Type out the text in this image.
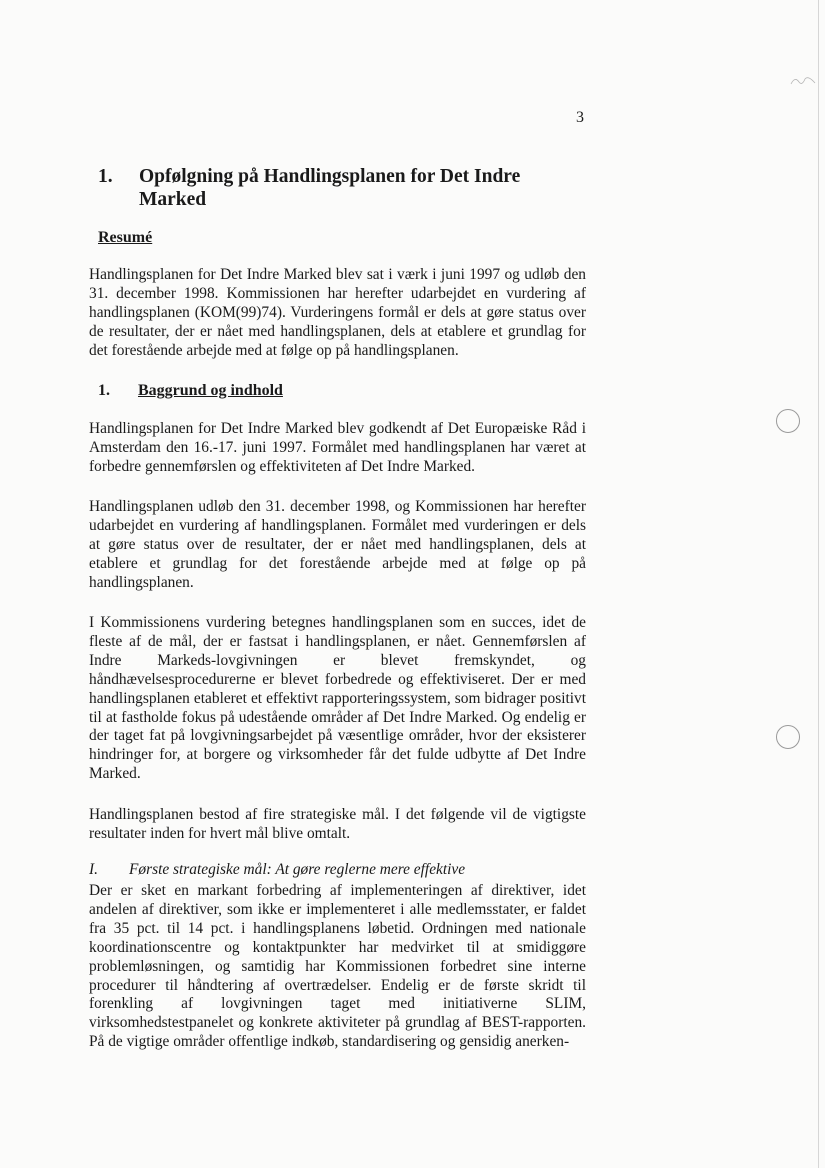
3
1. Opfølgning på Handlingsplanen for Det Indre Marked
Resumé

Handlingsplanen for Det Indre Marked blev sat i værk i juni 1997 og udløb den 31. december 1998. Kommissionen har herefter udarbejdet en vurdering af handlingsplanen (KOM(99)74). Vurderingens formål er dels at gøre status over de resultater, der er nået med handlingsplanen, dels at etablere et grundlag for det forestående arbejde med at følge op på handlingsplanen.

1. Baggrund og indhold

Handlingsplanen for Det Indre Marked blev godkendt af Det Europæiske Råd i Amsterdam den 16.-17. juni 1997. Formålet med handlingsplanen har været at forbedre gennemførslen og effektiviteten af Det Indre Marked.

Handlingsplanen udløb den 31. december 1998, og Kommissionen har herefter udarbejdet en vurdering af handlingsplanen. Formålet med vurderingen er dels at gøre status over de resultater, der er nået med handlingsplanen, dels at etablere et grundlag for det forestående arbejde med at følge op på handlingsplanen.

I Kommissionens vurdering betegnes handlingsplanen som en succes, idet de fleste af de mål, der er fastsat i handlingsplanen, er nået. Gennemførslen af Indre Markeds-lovgivningen er blevet fremskyndet, og håndhævelsesprocedurerne er blevet forbedrede og effektiviseret. Der er med handlingsplanen etableret et effektivt rapporteringssystem, som bidrager positivt til at fastholde fokus på udestående områder af Det Indre Marked. Og endelig er der taget fat på lovgivningsarbejdet på væsentlige områder, hvor der eksisterer hindringer for, at borgere og virksomheder får det fulde udbytte af Det Indre Marked.

Handlingsplanen bestod af fire strategiske mål. I det følgende vil de vigtigste resultater inden for hvert mål blive omtalt.

I. Første strategiske mål: At gøre reglerne mere effektive

Der er sket en markant forbedring af implementeringen af direktiver, idet andelen af direktiver, som ikke er implementeret i alle medlemsstater, er faldet fra 35 pct. til 14 pct. i handlingsplanens løbetid. Ordningen med nationale koordinationscentre og kontaktpunkter har medvirket til at smidiggøre problemløsningen, og samtidig har Kommissionen forbedret sine interne procedurer til håndtering af overtrædelser. Endelig er de første skridt til forenkling af lovgivningen taget med initiativerne SLIM, virksomhedstestpanelet og konkrete aktiviteter på grundlag af BEST-rapporten. På de vigtige områder offentlige indkøb, standardisering og gensidig anerken-
